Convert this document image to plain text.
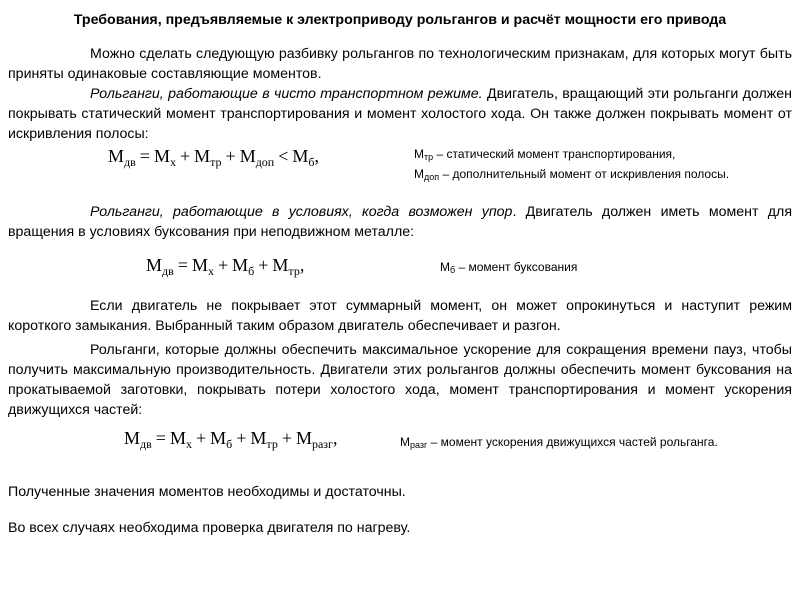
Требования, предъявляемые к электроприводу рольгангов и расчёт мощности его привода

Можно сделать следующую разбивку рольгангов по технологическим признакам, для которых могут быть приняты одинаковые составляющие моментов.

Рольганги, работающие в чисто транспортном режиме. Двигатель, вращающий эти рольганги должен покрывать статический момент транспортирования и момент холостого хода. Он также должен покрывать момент от искривления полосы:

$M_{дв} = M_х + M_{тр} + M_{доп} < M_б$,	$M_{тр}$ – статический момент транспортирования,
$M_{доп}$ – дополнительный момент от искривления полосы.

Рольганги, работающие в условиях, когда возможен упор. Двигатель должен иметь момент для вращения в условиях буксования при неподвижном металле:

$M_{дв} = M_х + M_б + M_{тр}$,	$M_б$ – момент буксования

Если двигатель не покрывает этот суммарный момент, он может опрокинуться и наступит режим короткого замыкания. Выбранный таким образом двигатель обеспечивает и разгон.

Рольганги, которые должны обеспечить максимальное ускорение для сокращения времени пауз, чтобы получить максимальную производительность. Двигатели этих рольгангов должны обеспечить момент буксования на прокатываемой заготовки, покрывать потери холостого хода, момент транспортирования и момент ускорения движущихся частей:

$M_{дв} = M_х + M_б + M_{тр} + M_{разг}$,	$M_{разг}$ – момент ускорения движущихся частей рольганга.

Полученные значения моментов необходимы и достаточны.

Во всех случаях необходима проверка двигателя по нагреву.
